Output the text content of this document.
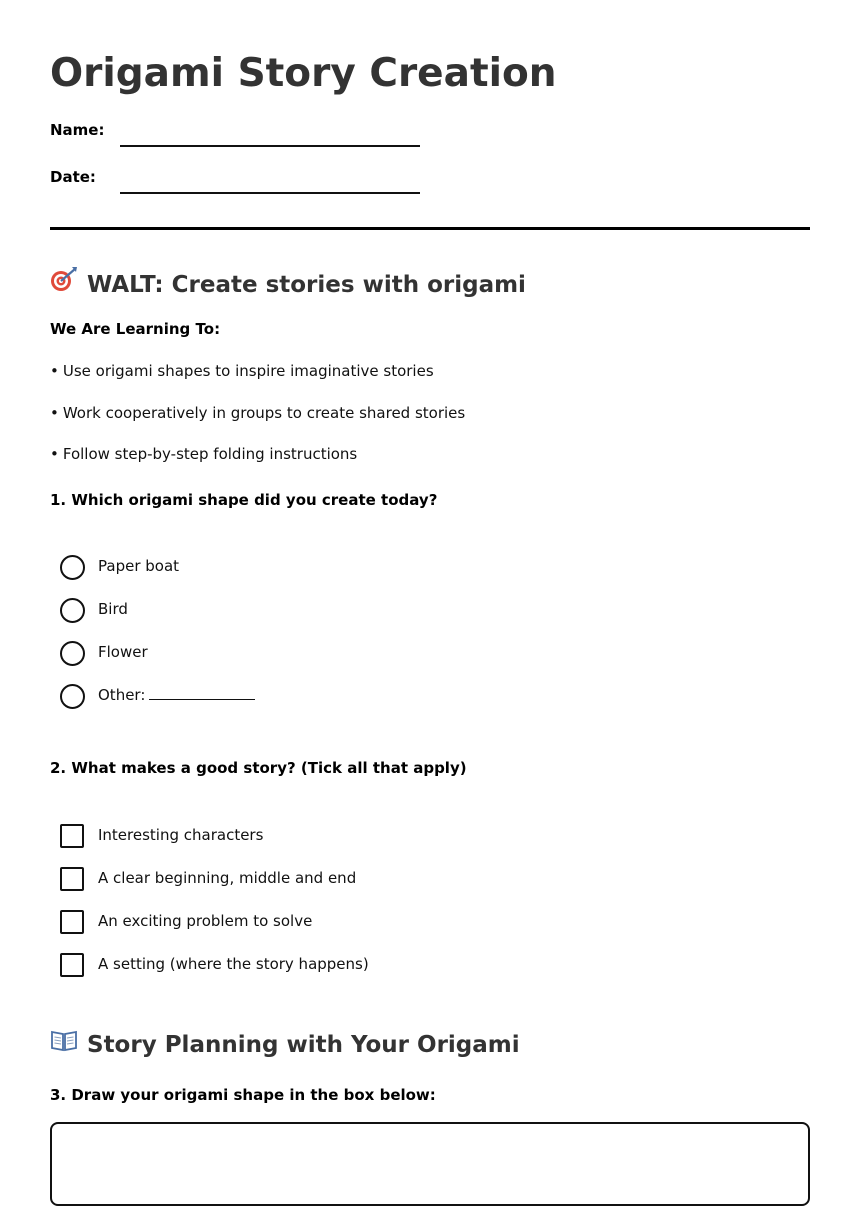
Origami Story Creation
Name:
Date:
WALT: Create stories with origami
We Are Learning To:
• Use origami shapes to inspire imaginative stories
• Work cooperatively in groups to create shared stories
• Follow step-by-step folding instructions
1. Which origami shape did you create today?
Paper boat
Bird
Flower
Other:
2. What makes a good story? (Tick all that apply)
Interesting characters
A clear beginning, middle and end
An exciting problem to solve
A setting (where the story happens)
Story Planning with Your Origami
3. Draw your origami shape in the box below:
